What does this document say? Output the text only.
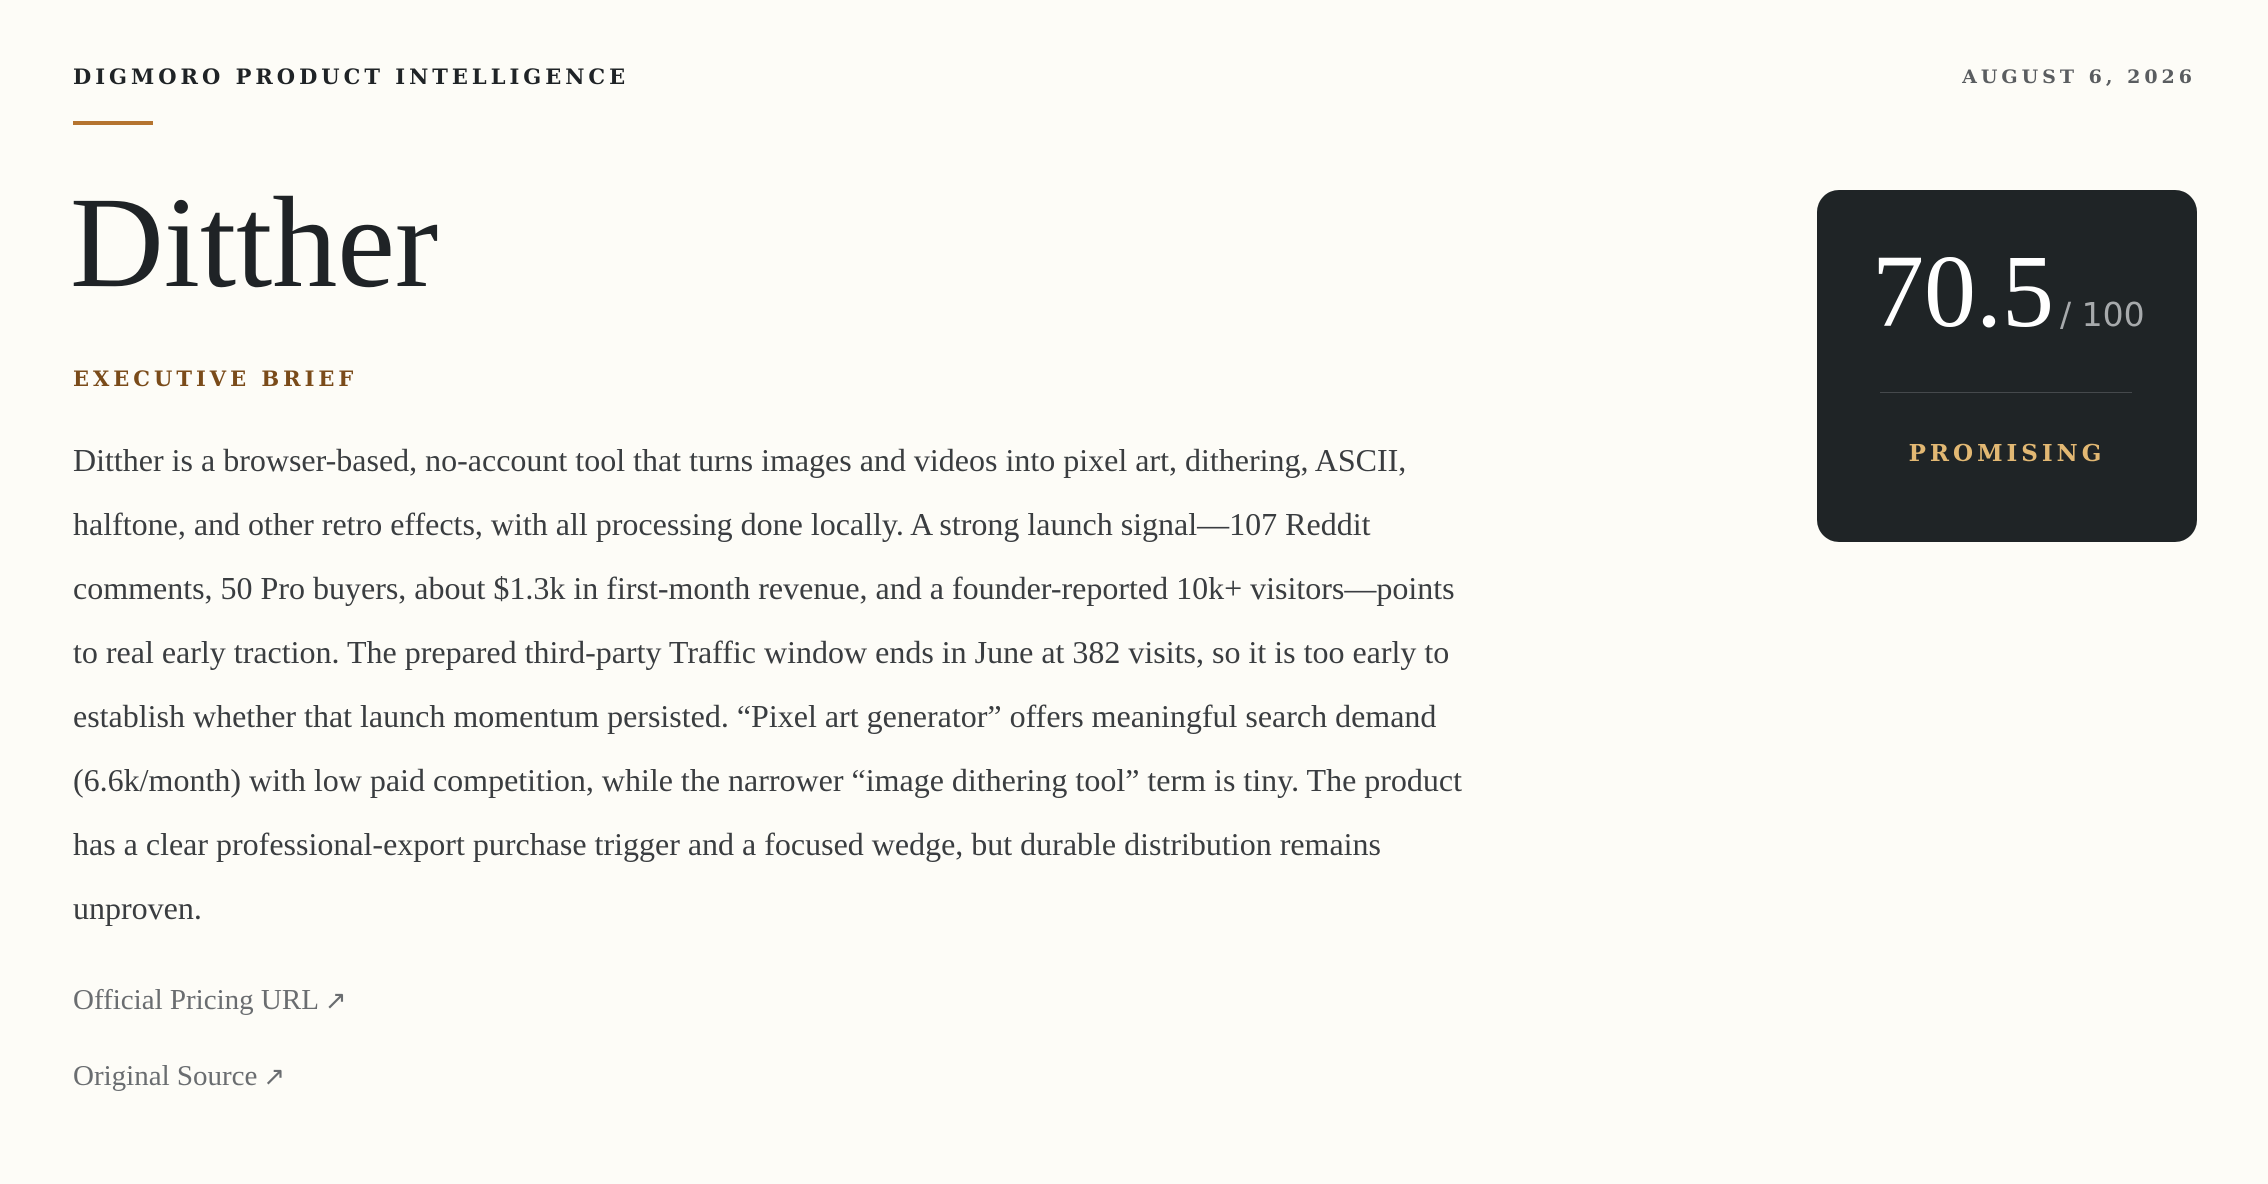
DIGMORO PRODUCT INTELLIGENCE	AUGUST 6, 2026
Ditther
EXECUTIVE BRIEF

Ditther is a browser-based, no-account tool that turns images and videos into pixel art, dithering, ASCII, halftone, and other retro effects, with all processing done locally. A strong launch signal—107 Reddit comments, 50 Pro buyers, about $1.3k in first-month revenue, and a founder-reported 10k+ visitors—points to real early traction. The prepared third-party Traffic window ends in June at 382 visits, so it is too early to establish whether that launch momentum persisted. “Pixel art generator” offers meaningful search demand (6.6k/month) with low paid competition, while the narrower “image dithering tool” term is tiny. The product has a clear professional-export purchase trigger and a focused wedge, but durable distribution remains unproven.

Official Pricing URL ↗
Original Source ↗
70.5 / 100
PROMISING
